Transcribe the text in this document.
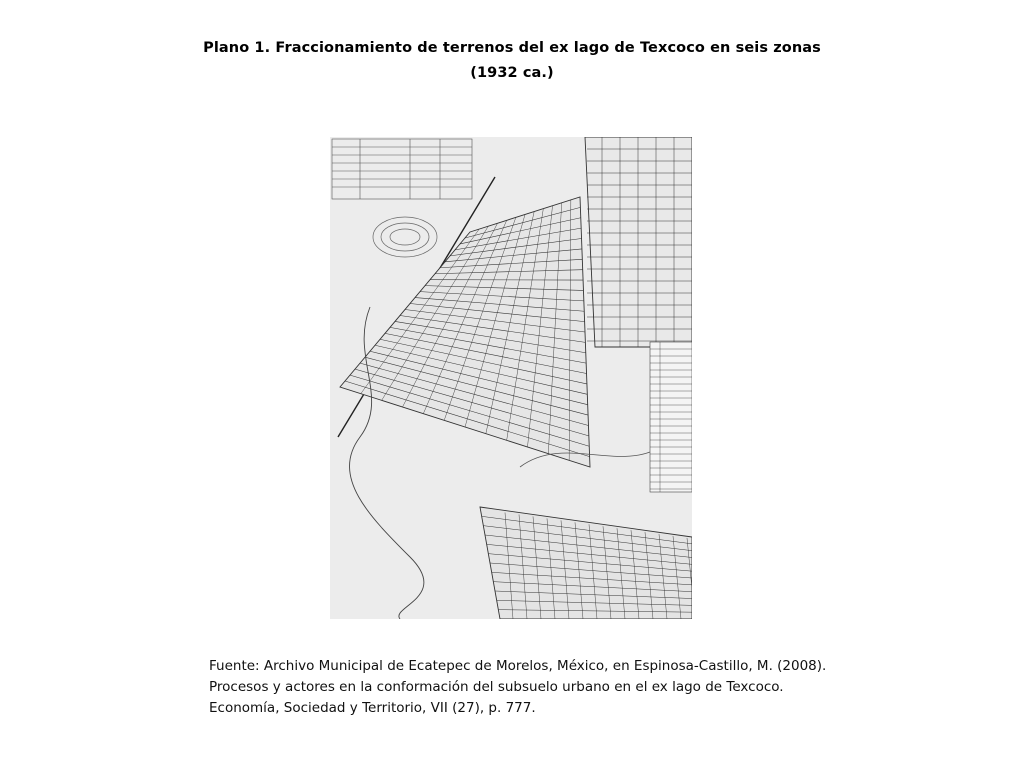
Plano 1. Fraccionamiento de terrenos del ex lago de Texcoco en seis zonas
(1932 ca.)
Fuente: Archivo Municipal de Ecatepec de Morelos, México, en Espinosa-Castillo, M. (2008).
Procesos y actores en la conformación del subsuelo urbano en el ex lago de Texcoco.
Economía, Sociedad y Territorio, VII (27), p. 777.
